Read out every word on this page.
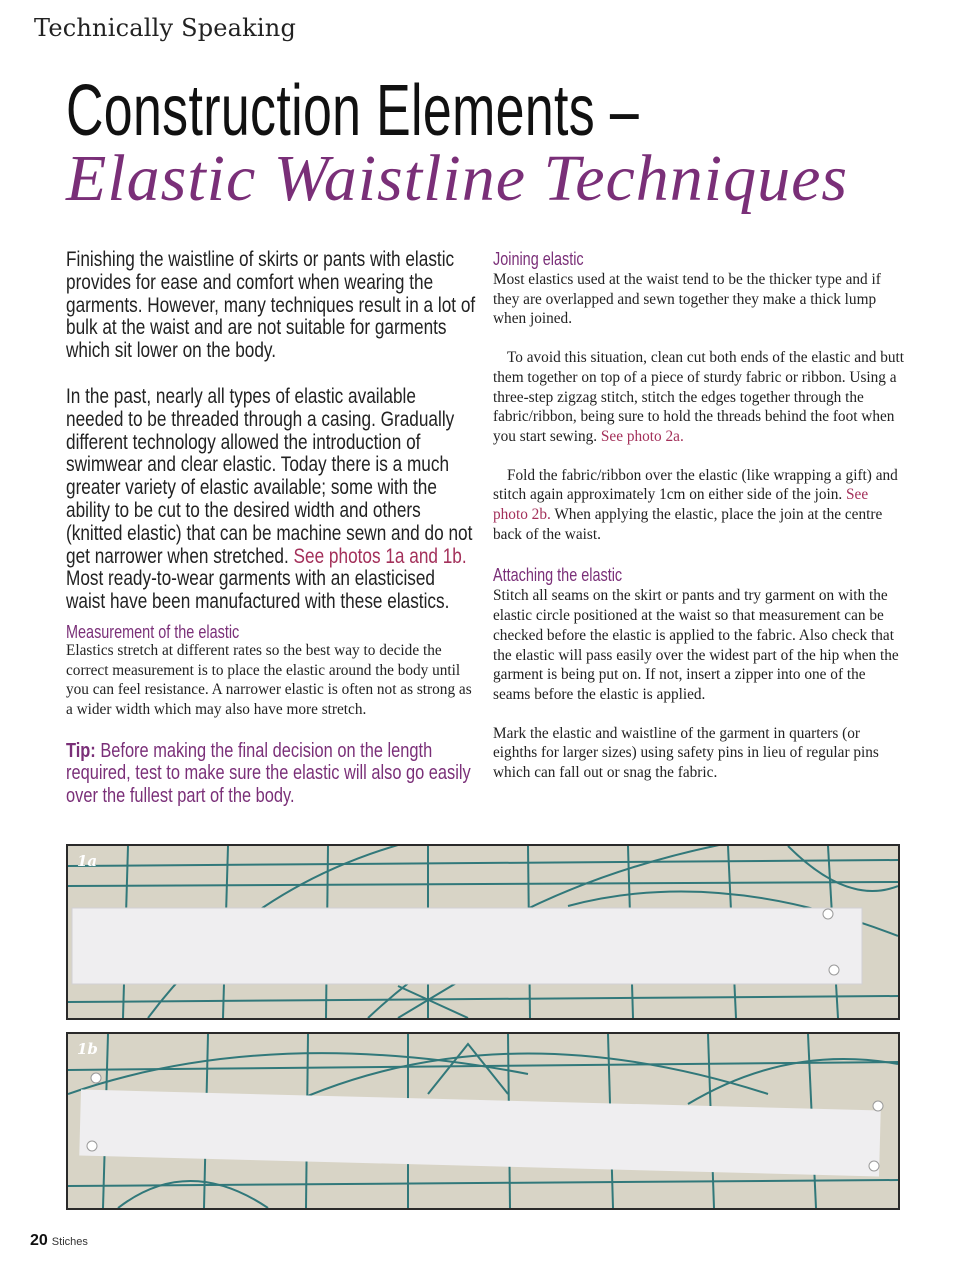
Technically Speaking
Construction Elements –
Elastic Waistline Techniques

Finishing the waistline of skirts or pants with elastic provides for ease and comfort when wearing the garments. However, many techniques result in a lot of bulk at the waist and are not suitable for garments which sit lower on the body.

In the past, nearly all types of elastic available needed to be threaded through a casing. Gradually different technology allowed the introduction of swimwear and clear elastic. Today there is a much greater variety of elastic available; some with the ability to be cut to the desired width and others (knitted elastic) that can be machine sewn and do not get narrower when stretched. See photos 1a and 1b. Most ready-to-wear garments with an elasticised waist have been manufactured with these elastics.

Measurement of the elastic

Elastics stretch at different rates so the best way to decide the correct measurement is to place the elastic around the body until you can feel resistance. A narrower elastic is often not as strong as a wider width which may also have more stretch.

Tip: Before making the final decision on the length required, test to make sure the elastic will also go easily over the fullest part of the body.

Joining elastic

Most elastics used at the waist tend to be the thicker type and if they are overlapped and sewn together they make a thick lump when joined.

To avoid this situation, clean cut both ends of the elastic and butt them together on top of a piece of sturdy fabric or ribbon. Using a three-step zigzag stitch, stitch the edges together through the fabric/ribbon, being sure to hold the threads behind the foot when you start sewing. See photo 2a.

Fold the fabric/ribbon over the elastic (like wrapping a gift) and stitch again approximately 1cm on either side of the join. See photo 2b. When applying the elastic, place the join at the centre back of the waist.

Attaching the elastic

Stitch all seams on the skirt or pants and try garment on with the elastic circle positioned at the waist so that measurement can be checked before the elastic is applied to the fabric. Also check that the elastic will pass easily over the widest part of the hip when the garment is being put on. If not, insert a zipper into one of the seams before the elastic is applied.

Mark the elastic and waistline of the garment in quarters (or eighths for larger sizes) using safety pins in lieu of regular pins which can fall out or snag the fabric.

1a
1b
20 Stiches
